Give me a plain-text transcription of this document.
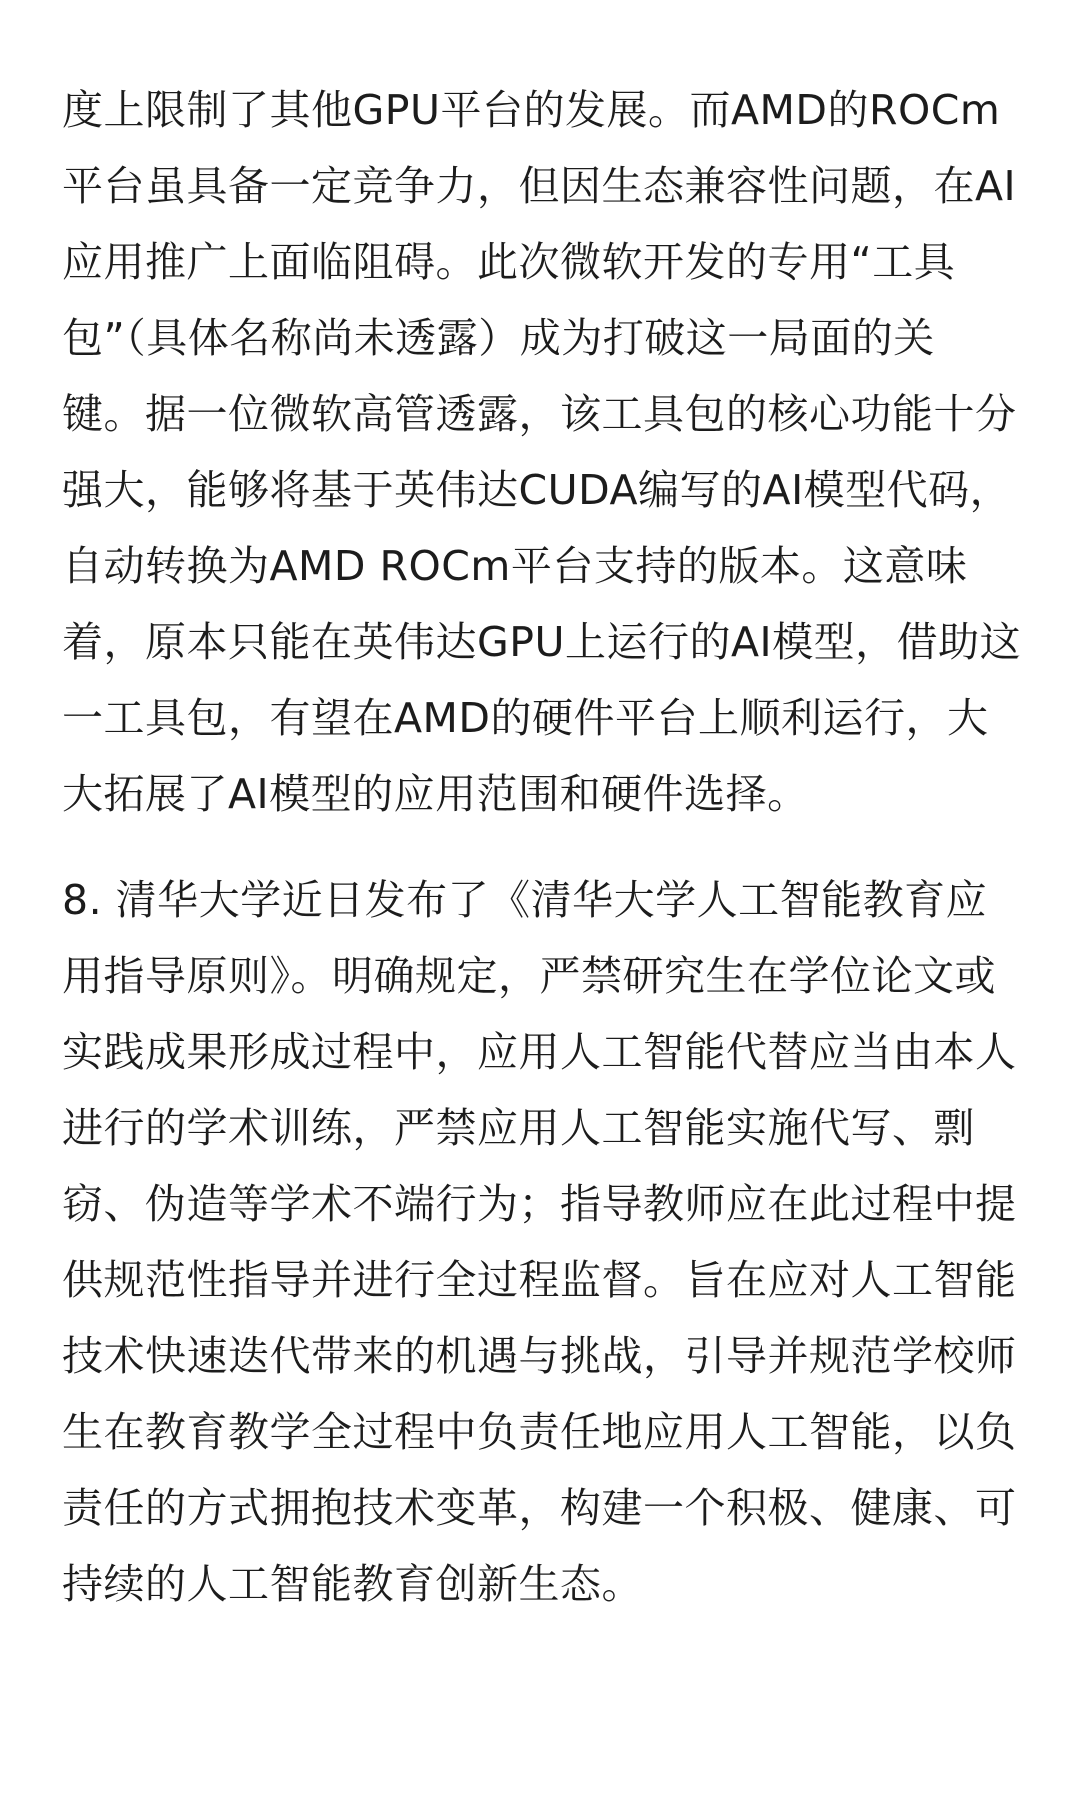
度上限制了其他GPU平台的发展。而AMD的ROCm
平台虽具备一定竞争力，但因生态兼容性问题，在AI
应用推广上面临阻碍。此次微软开发的专用“工具
包”（具体名称尚未透露）成为打破这一局面的关
键。据一位微软高管透露，该工具包的核心功能十分
强大，能够将基于英伟达CUDA编写的AI模型代码，
自动转换为AMD ROCm平台支持的版本。这意味
着，原本只能在英伟达GPU上运行的AI模型，借助这
一工具包，有望在AMD的硬件平台上顺利运行，大
大拓展了AI模型的应用范围和硬件选择。
8. 清华大学近日发布了《清华大学人工智能教育应
用指导原则》。明确规定，严禁研究生在学位论文或
实践成果形成过程中，应用人工智能代替应当由本人
进行的学术训练，严禁应用人工智能实施代写、剽
窃、伪造等学术不端行为；指导教师应在此过程中提
供规范性指导并进行全过程监督。旨在应对人工智能
技术快速迭代带来的机遇与挑战，引导并规范学校师
生在教育教学全过程中负责任地应用人工智能，以负
责任的方式拥抱技术变革，构建一个积极、健康、可
持续的人工智能教育创新生态。
